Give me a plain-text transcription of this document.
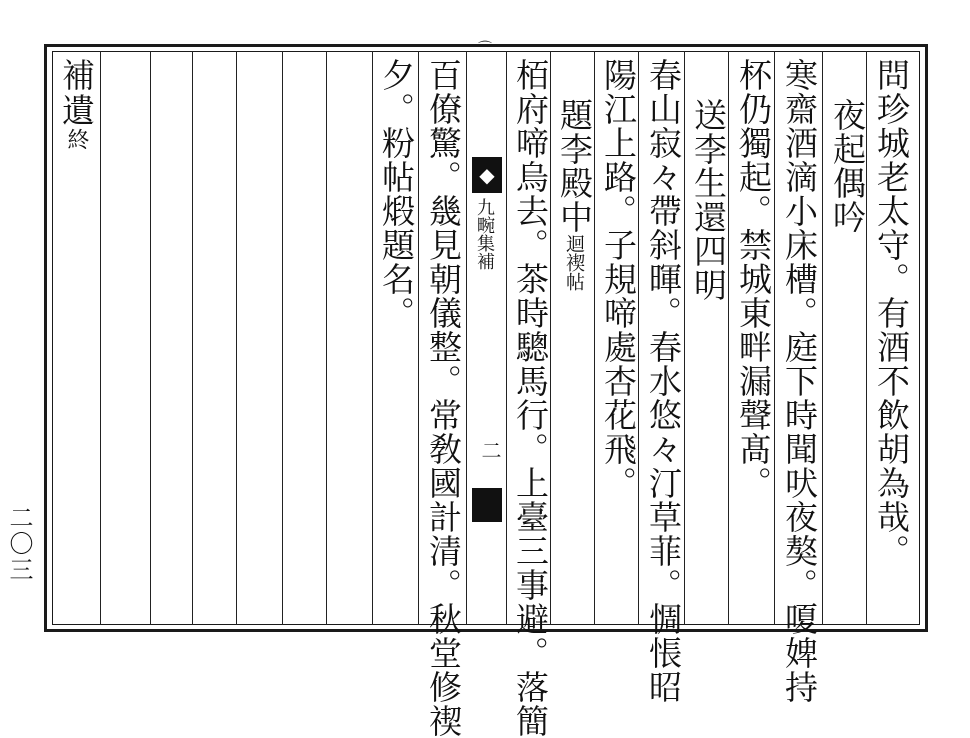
⌒
問珍城老太守。有酒不飲胡為哉。
夜起偶吟
寒齋酒滴小床槽。庭下時聞吠夜獒。嗄婢持
杯仍獨起。禁城東畔漏聲髙。
送李生還四明
春山寂々帶斜暉。春水悠々汀草菲。惆悵昭
陽江上路。子規啼處杏花飛。
題李殿中迴禊帖
栢府啼烏去。茶時驄馬行。上臺三事避。落簡
◆
九畹集補
二
百僚驚。㡬見朝儀整。常敎國計清。秋堂修禊
夕。粉帖煅題名。
補遺終
二〇三
